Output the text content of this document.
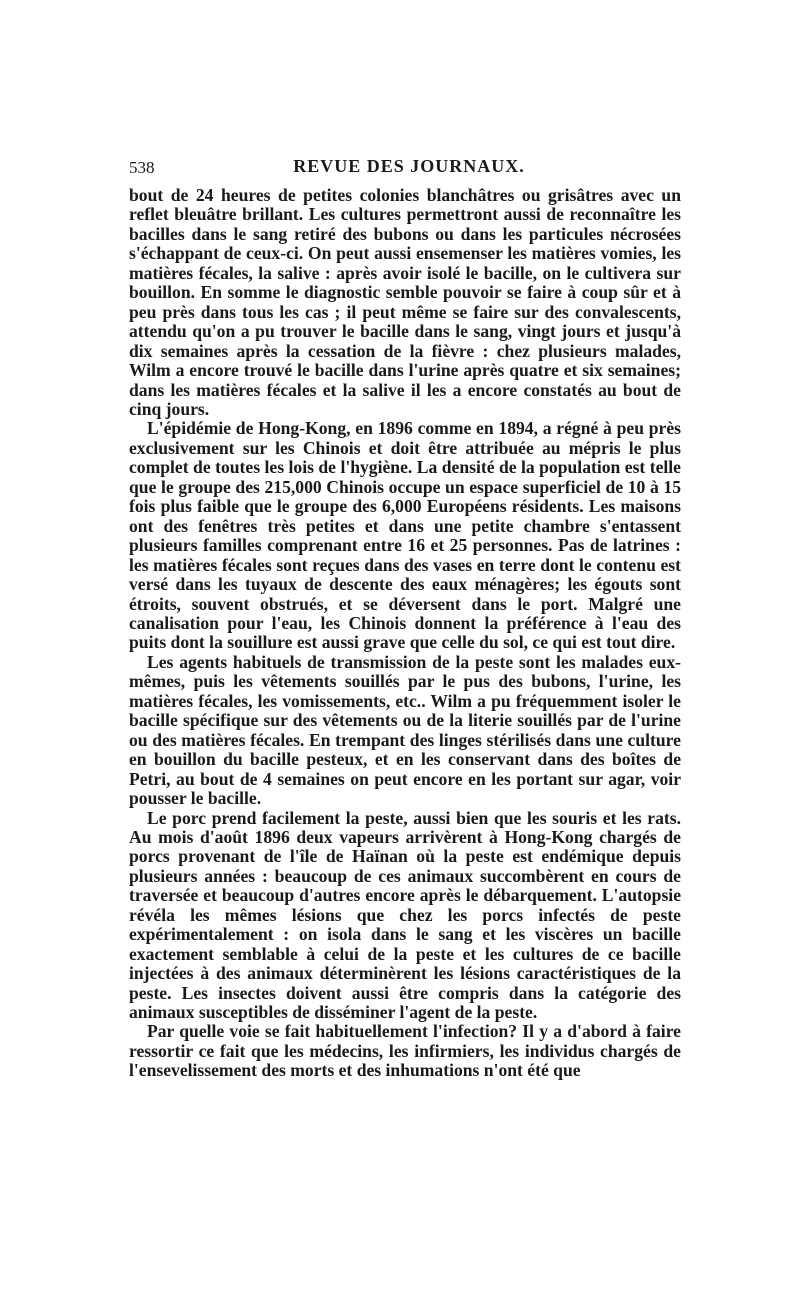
538	REVUE DES JOURNAUX.

bout de 24 heures de petites colonies blanchâtres ou grisâtres avec un reflet bleuâtre brillant. Les cultures permettront aussi de reconnaître les bacilles dans le sang retiré des bubons ou dans les particules nécrosées s'échappant de ceux-ci. On peut aussi ensemenser les matières vomies, les matières fécales, la salive : après avoir isolé le bacille, on le cultivera sur bouillon. En somme le diagnostic semble pouvoir se faire à coup sûr et à peu près dans tous les cas ; il peut même se faire sur des convalescents, attendu qu'on a pu trouver le bacille dans le sang, vingt jours et jusqu'à dix semaines après la cessation de la fièvre : chez plusieurs malades, Wilm a encore trouvé le bacille dans l'urine après quatre et six semaines; dans les matières fécales et la salive il les a encore constatés au bout de cinq jours.

L'épidémie de Hong-Kong, en 1896 comme en 1894, a régné à peu près exclusivement sur les Chinois et doit être attribuée au mépris le plus complet de toutes les lois de l'hygiène. La densité de la population est telle que le groupe des 215,000 Chinois occupe un espace superficiel de 10 à 15 fois plus faible que le groupe des 6,000 Européens résidents. Les maisons ont des fenêtres très petites et dans une petite chambre s'entassent plusieurs familles comprenant entre 16 et 25 personnes. Pas de latrines : les matières fécales sont reçues dans des vases en terre dont le contenu est versé dans les tuyaux de descente des eaux ménagères; les égouts sont étroits, souvent obstrués, et se déversent dans le port. Malgré une canalisation pour l'eau, les Chinois donnent la préférence à l'eau des puits dont la souillure est aussi grave que celle du sol, ce qui est tout dire.

Les agents habituels de transmission de la peste sont les malades eux-mêmes, puis les vêtements souillés par le pus des bubons, l'urine, les matières fécales, les vomissements, etc.. Wilm a pu fréquemment isoler le bacille spécifique sur des vêtements ou de la literie souillés par de l'urine ou des matières fécales. En trempant des linges stérilisés dans une culture en bouillon du bacille pesteux, et en les conservant dans des boîtes de Petri, au bout de 4 semaines on peut encore en les portant sur agar, voir pousser le bacille.

Le porc prend facilement la peste, aussi bien que les souris et les rats. Au mois d'août 1896 deux vapeurs arrivèrent à Hong-Kong chargés de porcs provenant de l'île de Haïnan où la peste est endémique depuis plusieurs années : beaucoup de ces animaux succombèrent en cours de traversée et beaucoup d'autres encore après le débarquement. L'autopsie révéla les mêmes lésions que chez les porcs infectés de peste expérimentalement : on isola dans le sang et les viscères un bacille exactement semblable à celui de la peste et les cultures de ce bacille injectées à des animaux déterminèrent les lésions caractéristiques de la peste. Les insectes doivent aussi être compris dans la catégorie des animaux susceptibles de disséminer l'agent de la peste.

Par quelle voie se fait habituellement l'infection? Il y a d'abord à faire ressortir ce fait que les médecins, les infirmiers, les individus chargés de l'ensevelissement des morts et des inhumations n'ont été que
